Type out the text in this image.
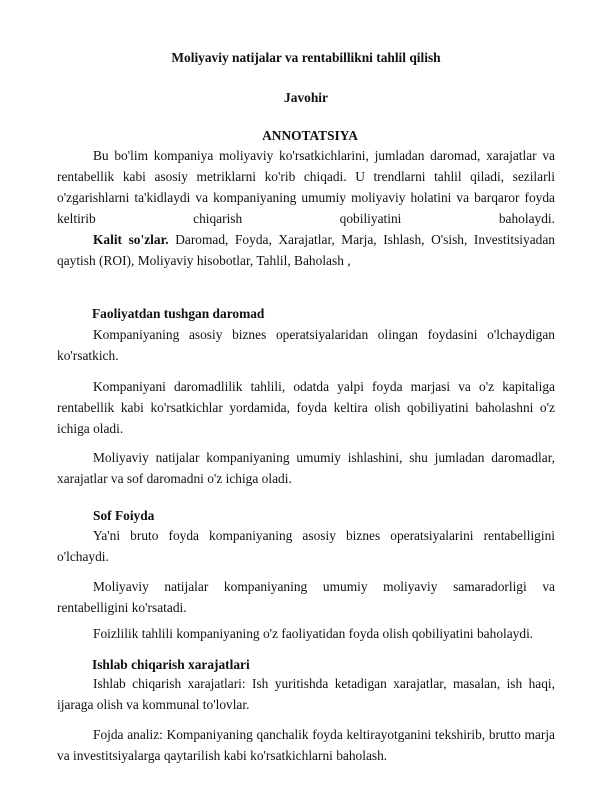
Moliyaviy natijalar va rentabillikni tahlil qilish
Javohir
ANNOTATSIYA
Bu bo'lim kompaniya moliyaviy ko'rsatkichlarini, jumladan daromad, xarajatlar va rentabellik kabi asosiy metriklarni ko'rib chiqadi. U trendlarni tahlil qiladi, sezilarli o'zgarishlarni ta'kidlaydi va kompaniyaning umumiy moliyaviy holatini va barqaror foyda keltirib chiqarish qobiliyatini baholaydi.
Kalit so'zlar. Daromad, Foyda, Xarajatlar, Marja, Ishlash, O'sish, Investitsiyadan qaytish (ROI), Moliyaviy hisobotlar, Tahlil, Baholash ,
Faoliyatdan tushgan daromad
Kompaniyaning asosiy biznes operatsiyalaridan olingan foydasini o'lchaydigan ko'rsatkich.
Kompaniyani daromadlilik tahlili, odatda yalpi foyda marjasi va o'z kapitaliga rentabellik kabi ko'rsatkichlar yordamida, foyda keltira olish qobiliyatini baholashni o'z ichiga oladi.
Moliyaviy natijalar kompaniyaning umumiy ishlashini, shu jumladan daromadlar, xarajatlar va sof daromadni o'z ichiga oladi.
Sof Foiyda
Ya'ni bruto foyda kompaniyaning asosiy biznes operatsiyalarini rentabelligini o'lchaydi.
Moliyaviy natijalar kompaniyaning umumiy moliyaviy samaradorligi va rentabelligini ko'rsatadi.
Foizlilik tahlili kompaniyaning o'z faoliyatidan foyda olish qobiliyatini baholaydi.
Ishlab chiqarish xarajatlari
Ishlab chiqarish xarajatlari: Ish yuritishda ketadigan xarajatlar, masalan, ish haqi, ijaraga olish va kommunal to'lovlar.
Fojda analiz: Kompaniyaning qanchalik foyda keltirayotganini tekshirib, brutto marja va investitsiyalarga qaytarilish kabi ko'rsatkichlarni baholash.
